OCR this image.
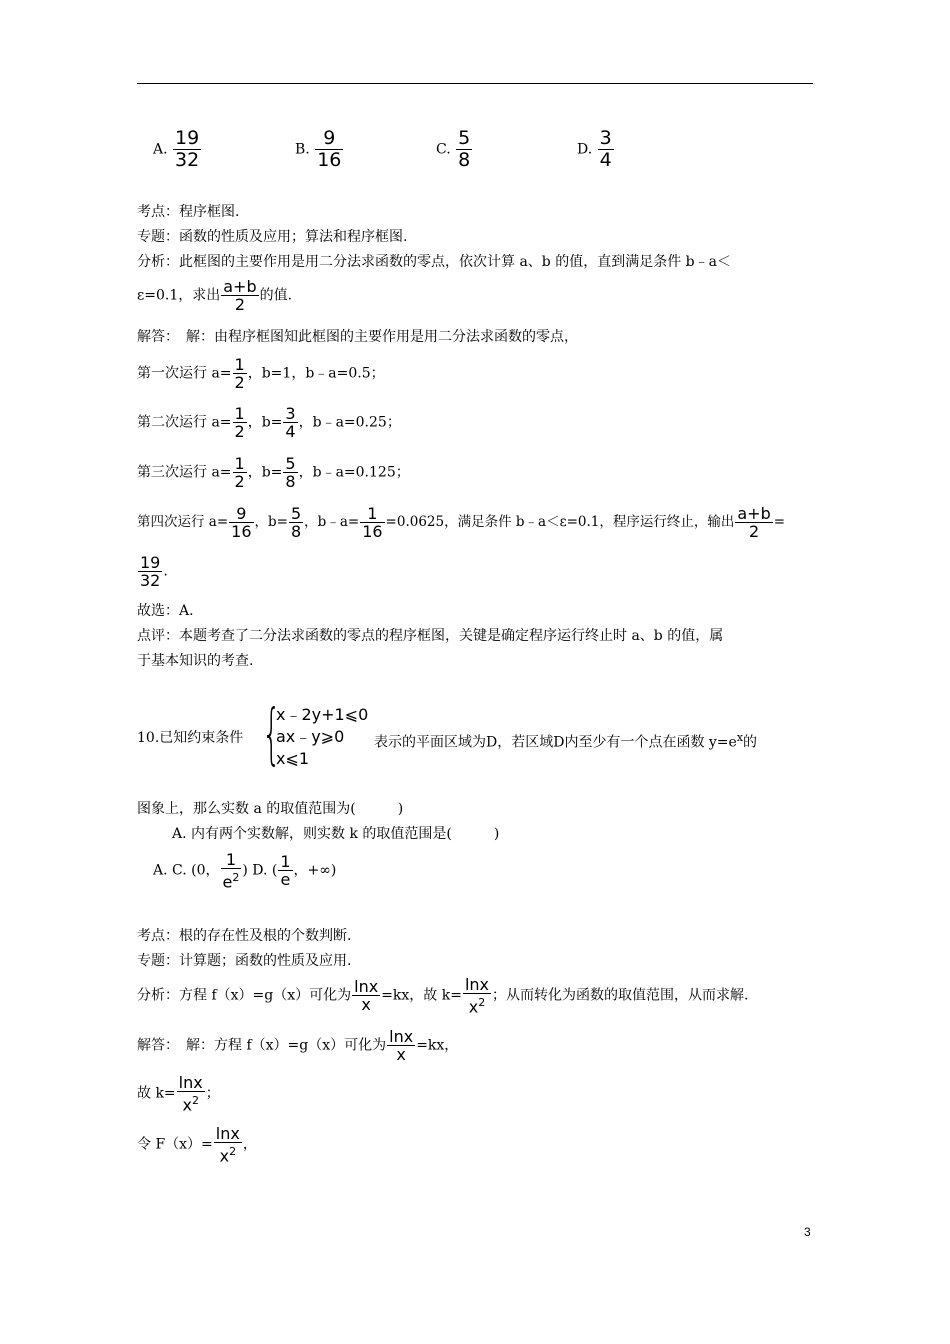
A. $\frac{19}{32}$	B. $\frac{9}{16}$	C. $\frac{5}{8}$	D. $\frac{3}{4}$
考点：程序框图.
专题：函数的性质及应用；算法和程序框图.
分析：此框图的主要作用是用二分法求函数的零点，依次计算 a、b 的值，直到满足条件 b﹣a＜
ε=0.1，求出 $\frac{a+b}{2}$ 的值.
解答：　解：由程序框图知此框图的主要作用是用二分法求函数的零点，
第一次运行 $a= \frac{1}{2}$ ，b=1，b﹣a=0.5；
第二次运行 $a= \frac{1}{2}$ ，$b= \frac{3}{4}$ ，b﹣a=0.25；
第三次运行 $a= \frac{1}{2}$ ，$b= \frac{5}{8}$ ，b﹣a=0.125；
第四次运行 $a= \frac{9}{16}$ ，$b= \frac{5}{8}$ ，b﹣a= $\frac{1}{16} =0.0625$，满足条件 b﹣a＜ε=0.1，程序运行终止，输出 $\frac{a+b}{2}$ =
$\frac{19}{32}$ .
故选：A.
点评：本题考查了二分法求函数的零点的程序框图，关键是确定程序运行终止时 a、b 的值，属
于基本知识的考查.
10.已知约束条件 {
x﹣2y+1⩽0
ax﹣y⩾0
x⩽1
表示的平面区域为D，若区域D内至少有一个点在函数 $y=e^x$的
图象上，那么实数 a 的取值范围为(　　　)
A. 内有两个实数解，则实数 k 的取值范围是(　　　)
A. C. (0， $\frac{1}{e^2}$ ) D. ( $\frac{1}{e}$ ，+∞)
考点：根的存在性及根的个数判断.
专题：计算题；函数的性质及应用.
分析：方程 f（x）=g（x）可化为 $\frac{\ln x}{x} =kx$，故 $k= \frac{\ln x}{x^2}$ ；从而转化为函数的取值范围，从而求解.
解答：　解：方程 f（x）=g（x）可化为 $\frac{\ln x}{x} =kx$，
故 $k= \frac{\ln x}{x^2}$ ；
令 $F(x)= \frac{\ln x}{x^2}$ ，
3
